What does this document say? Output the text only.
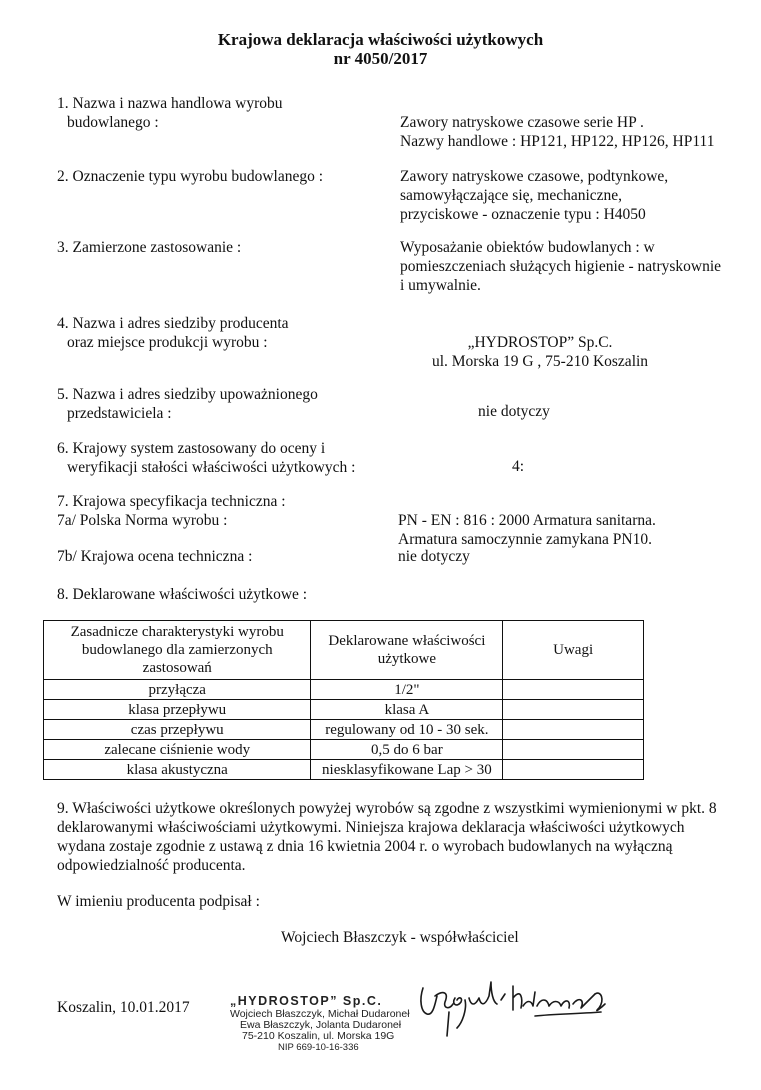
Krajowa deklaracja właściwości użytkowych
nr 4050/2017
1. Nazwa i nazwa handlowa wyrobu
budowlanego :	Zawory natryskowe czasowe serie HP .
Nazwy handlowe : HP121, HP122, HP126, HP111
2. Oznaczenie typu wyrobu budowlanego :	Zawory natryskowe czasowe, podtynkowe,
samowyłączające się, mechaniczne,
przyciskowe - oznaczenie typu : H4050
3. Zamierzone zastosowanie :	Wyposażanie obiektów budowlanych : w
pomieszczeniach służących higienie - natryskownie
i umywalnie.
4. Nazwa i adres siedziby producenta
oraz miejsce produkcji wyrobu :	„HYDROSTOP” Sp.C.
ul. Morska 19 G , 75-210 Koszalin
5. Nazwa i adres siedziby upoważnionego
przedstawiciela :	nie dotyczy
6. Krajowy system zastosowany do oceny i
weryfikacji stałości właściwości użytkowych :	4:
7. Krajowa specyfikacja techniczna :
7a/ Polska Norma wyrobu :	PN - EN : 816 : 2000 Armatura sanitarna.
Armatura samoczynnie zamykana PN10.
7b/ Krajowa ocena techniczna :	nie dotyczy
8. Deklarowane właściwości użytkowe :
Zasadnicze charakterystyki wyrobu budowlanego dla zamierzonych zastosowań	Deklarowane właściwości użytkowe	Uwagi
przyłącza	1/2"	
klasa przepływu	klasa A	
czas przepływu	regulowany od 10 - 30 sek.	
zalecane ciśnienie wody	0,5 do 6 bar	
klasa akustyczna	niesklasyfikowane Lap > 30	
9. Właściwości użytkowe określonych powyżej wyrobów są zgodne z wszystkimi wymienionymi w pkt. 8
deklarowanymi właściwościami użytkowymi. Niniejsza krajowa deklaracja właściwości użytkowych
wydana zostaje zgodnie z ustawą z dnia 16 kwietnia 2004 r. o wyrobach budowlanych na wyłączną
odpowiedzialność producenta.
W imieniu producenta podpisał :
Wojciech Błaszczyk - współwłaściciel
Koszalin, 10.01.2017	„HYDROSTOP” Sp.C.
Wojciech Błaszczyk, Michał Dudaroneł
Ewa Błaszczyk, Jolanta Dudaroneł
75-210 Koszalin, ul. Morska 19G
NIP 669-10-16-336
